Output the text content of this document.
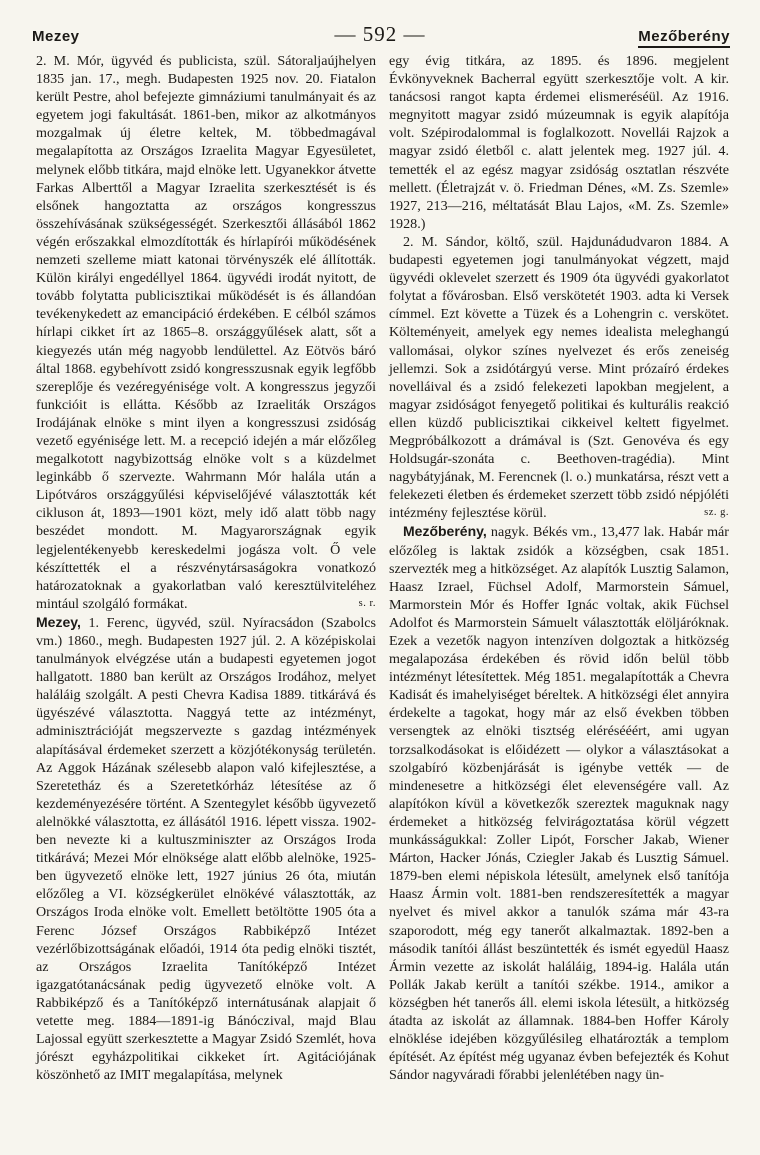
Mezey	— 592 —	Mezőberény

2. M. Mór, ügyvéd és publicista, szül. Sátoraljaújhelyen 1835 jan. 17., megh. Budapesten 1925 nov. 20. Fiatalon került Pestre, ahol befejezte gimnáziumi tanulmányait és az egyetem jogi fakultását. 1861-ben, mikor az alkotmányos mozgalmak új életre keltek, M. többedmagával megalapította az Országos Izraelita Magyar Egyesületet, melynek előbb titkára, majd elnöke lett. Ugyanekkor átvette Farkas Alberttől a Magyar Izraelita szerkesztését is és elsőnek hangoztatta az országos kongresszus összehívásának szükségességét. Szerkesztői állásából 1862 végén erőszakkal elmozdították és hírlapírói működésének nemzeti szelleme miatt katonai törvényszék elé állították. Külön királyi engedéllyel 1864. ügyvédi irodát nyitott, de tovább folytatta publicisztikai működését is és állandóan tevékenykedett az emancipáció érdekében. E célból számos hírlapi cikket írt az 1865–8. országgyűlések alatt, sőt a kiegyezés után még nagyobb lendülettel. Az Eötvös báró által 1868. egybehívott zsidó kongresszusnak egyik legfőbb szereplője és vezéregyénisége volt. A kongresszus jegyzői funkcióit is ellátta. Később az Izraeliták Országos Irodájának elnöke s mint ilyen a kongresszusi zsidóság vezető egyénisége lett. M. a recepció idején a már előzőleg megalkotott nagybizottság elnöke volt s a küzdelmet leginkább ő szervezte. Wahrmann Mór halála után a Lipótváros országgyűlési képviselőjévé választották két cikluson át, 1893—1901 közt, mely idő alatt több nagy beszédet mondott. M. Magyarországnak egyik legjelentékenyebb kereskedelmi jogásza volt. Ő vele készíttették el a részvénytársaságokra vonatkozó határozatoknak a gyakorlatban való keresztülviteléhez mintául szolgáló formákat.	s. r.

Mezey, 1. Ferenc, ügyvéd, szül. Nyíracsádon (Szabolcs vm.) 1860., megh. Budapesten 1927 júl. 2. A középiskolai tanulmányok elvégzése után a budapesti egyetemen jogot hallgatott. 1880 ban került az Országos Irodához, melyet haláláig szolgált. A pesti Chevra Kadisa 1889. titkárává és ügyészévé választotta. Naggyá tette az intézményt, adminisztrációját megszervezte s gazdag intézmények alapításával érdemeket szerzett a közjótékonyság területén. Az Aggok Házának szélesebb alapon való kifejlesztése, a Szeretetház és a Szeretetkórház létesítése az ő kezdeményezésére történt. A Szentegylet később ügyvezető alelnökké választotta, ez állásától 1916. lépett vissza. 1902-ben nevezte ki a kultuszminiszter az Országos Iroda titkárává; Mezei Mór elnöksége alatt előbb alelnöke, 1925-ben ügyvezető elnöke lett, 1927 június 26 óta, miután előzőleg a VI. községkerület elnökévé választották, az Országos Iroda elnöke volt. Emellett betöltötte 1905 óta a Ferenc József Országos Rabbiképző Intézet vezérlőbizottságának előadói, 1914 óta pedig elnöki tisztét, az Országos Izraelita Tanítóképző Intézet igazgatótanácsának pedig ügyvezető elnöke volt. A Rabbiképző és a Tanítóképző internátusának alapjait ő vetette meg. 1884—1891-ig Bánóczival, majd Blau Lajossal együtt szerkesztette a Magyar Zsidó Szemlét, hova jórészt egyházpolitikai cikkeket írt. Agitációjának köszönhető az IMIT megalapítása, melynek

egy évig titkára, az 1895. és 1896. megjelent Évkönyveknek Bacherral együtt szerkesztője volt. A kir. tanácsosi rangot kapta érdemei elismeréséül. Az 1916. megnyitott magyar zsidó múzeumnak is egyik alapítója volt. Szépirodalommal is foglalkozott. Novellái Rajzok a magyar zsidó életből c. alatt jelentek meg. 1927 júl. 4. temették el az egész magyar zsidóság osztatlan részvéte mellett. (Életrajzát v. ö. Friedman Dénes, «M. Zs. Szemle» 1927, 213—216, méltatását Blau Lajos, «M. Zs. Szemle» 1928.)

2. M. Sándor, költő, szül. Hajdunádudvaron 1884. A budapesti egyetemen jogi tanulmányokat végzett, majd ügyvédi oklevelet szerzett és 1909 óta ügyvédi gyakorlatot folytat a fővárosban. Első verskötetét 1903. adta ki Versek címmel. Ezt követte a Tüzek és a Lohengrin c. verskötet. Költeményeit, amelyek egy nemes idealista meleghangú vallomásai, olykor színes nyelvezet és erős zeneiség jellemzi. Sok a zsidótárgyú verse. Mint prózaíró érdekes novelláival és a zsidó felekezeti lapokban megjelent, a magyar zsidóságot fenyegető politikai és kulturális reakció ellen küzdő publicisztikai cikkeivel keltett figyelmet. Megpróbálkozott a drámával is (Szt. Genovéva és egy Holdsugár-szonáta c. Beethoven-tragédia). Mint nagybátyjának, M. Ferencnek (l. o.) munkatársa, részt vett a felekezeti életben és érdemeket szerzett több zsidó népjóléti intézmény fejlesztése körül.	sz. g.

Mezőberény, nagyk. Békés vm., 13,477 lak. Habár már előzőleg is laktak zsidók a községben, csak 1851. szervezték meg a hitközséget. Az alapítók Lusztig Salamon, Haasz Izrael, Füchsel Adolf, Marmorstein Sámuel, Marmorstein Mór és Hoffer Ignác voltak, akik Füchsel Adolfot és Marmorstein Sámuelt választották elöljáróknak. Ezek a vezetők nagyon intenzíven dolgoztak a hitközség megalapozása érdekében és rövid időn belül több intézményt létesítettek. Még 1851. megalapították a Chevra Kadisát és imahelyiséget béreltek. A hitközségi élet annyira érdekelte a tagokat, hogy már az első években többen versengtek az elnöki tisztség elérésééért, ami ugyan torzsalkodásokat is előidézett — olykor a választásokat a szolgabíró közbenjárását is igénybe vették — de mindenesetre a hitközségi élet elevenségére vall. Az alapítókon kívül a következők szereztek maguknak nagy érdemeket a hitközség felvirágoztatása körül végzett munkásságukkal: Zoller Lipót, Forscher Jakab, Wiener Márton, Hacker Jónás, Cziegler Jakab és Lusztig Sámuel. 1879-ben elemi népiskola létesült, amelynek első tanítója Haasz Ármin volt. 1881-ben rendszeresítették a magyar nyelvet és mivel akkor a tanulók száma már 43-ra szaporodott, még egy tanerőt alkalmaztak. 1892-ben a második tanítói állást beszüntették és ismét egyedül Haasz Ármin vezette az iskolát haláláig, 1894-ig. Halála után Pollák Jakab került a tanítói székbe. 1914., amikor a községben hét tanerős áll. elemi iskola létesült, a hitközség átadta az iskolát az államnak. 1884-ben Hoffer Károly elnöklése idejében közgyűlésileg elhatározták a templom építését. Az építést még ugyanaz évben befejezték és Kohut Sándor nagyváradi főrabbi jelenlétében nagy ün-
